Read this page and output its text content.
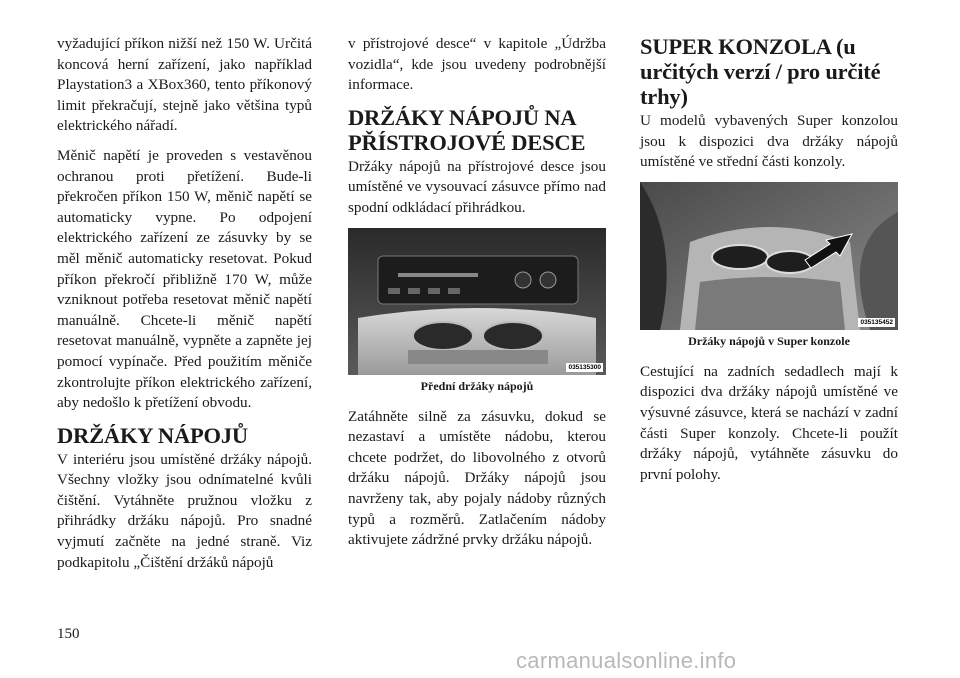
vyžadující příkon nižší než 150 W. Určitá koncová herní zařízení, jako například Playstation3 a XBox360, tento příkonový limit překračují, stejně jako většina typů elektrického nářadí.

Měnič napětí je proveden s vestavěnou ochranou proti přetížení. Bude-li překročen příkon 150 W, měnič napětí se automaticky vypne. Po odpojení elektrického zařízení ze zásuvky by se měl měnič automaticky resetovat. Pokud příkon překročí přibližně 170 W, může vzniknout potřeba resetovat měnič napětí manuálně. Chcete-li měnič napětí resetovat manuálně, vypněte a zapněte jej pomocí vypínače. Před použitím měniče zkontrolujte příkon elektrického zařízení, aby nedošlo k přetížení obvodu.

DRŽÁKY NÁPOJŮ

V interiéru jsou umístěné držáky nápojů. Všechny vložky jsou odnímatelné kvůli čištění. Vytáhněte pružnou vložku z přihrádky držáku nápojů. Pro snadné vyjmutí začněte na jedné straně. Viz podkapitolu „Čištění držáků nápojů

v přístrojové desce“ v kapitole „Údržba vozidla“, kde jsou uvedeny podrobnější informace.

DRŽÁKY NÁPOJŮ NA PŘÍSTROJOVÉ DESCE

Držáky nápojů na přístrojové desce jsou umístěné ve vysouvací zásuvce přímo nad spodní odkládací přihrádkou.

035135300
Přední držáky nápojů

Zatáhněte silně za zásuvku, dokud se nezastaví a umístěte nádobu, kterou chcete podržet, do libovolného z otvorů držáku nápojů. Držáky nápojů jsou navrženy tak, aby pojaly nádoby různých typů a rozměrů. Zatlačením nádoby aktivujete zádržné prvky držáku nápojů.

SUPER KONZOLA (u určitých verzí / pro určité trhy)

U modelů vybavených Super konzolou jsou k dispozici dva držáky nápojů umístěné ve střední části konzoly.

035135452
Držáky nápojů v Super konzole

Cestující na zadních sedadlech mají k dispozici dva držáky nápojů umístěné ve výsuvné zásuvce, která se nachází v zadní části Super konzoly. Chcete-li použít držáky nápojů, vytáhněte zásuvku do první polohy.

150
carmanualsonline.info
